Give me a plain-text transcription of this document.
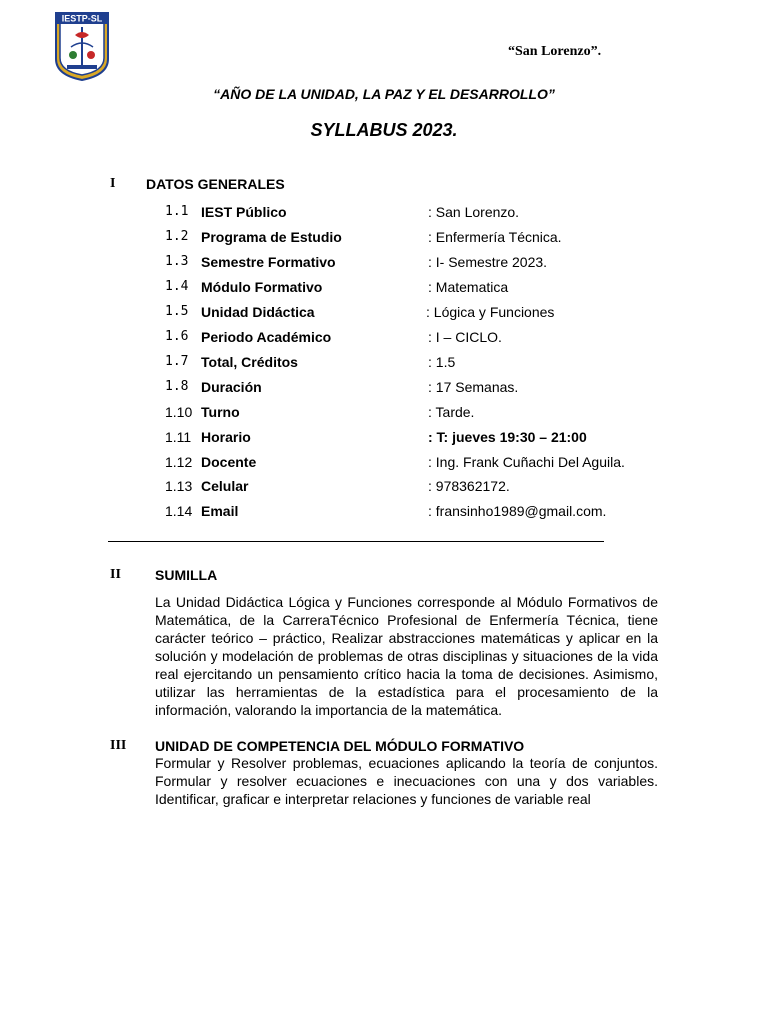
IESTP-SL
“San Lorenzo”.
“AÑO DE LA UNIDAD, LA PAZ Y EL DESARROLLO”
SYLLABUS 2023.
I DATOS GENERALES
1.1 IEST Público	: San Lorenzo.
1.2 Programa de Estudio	: Enfermería Técnica.
1.3 Semestre Formativo	: I- Semestre 2023.
1.4 Módulo Formativo	: Matematica
1.5 Unidad Didáctica	: Lógica y Funciones
1.6 Periodo Académico	: I – CICLO.
1.7 Total, Créditos	: 1.5
1.8 Duración	: 17 Semanas.
1.10 Turno	: Tarde.
1.11 Horario	: T: jueves 19:30 – 21:00
1.12 Docente	: Ing. Frank Cuñachi Del Aguila.
1.13 Celular	: 978362172.
1.14 Email	: fransinho1989@gmail.com.
II SUMILLA
La Unidad Didáctica Lógica y Funciones corresponde al Módulo Formativos de Matemática, de la CarreraTécnico Profesional de Enfermería Técnica, tiene carácter teórico – práctico, Realizar abstracciones matemáticas y aplicar en la solución y modelación de problemas de otras disciplinas y situaciones de la vida real ejercitando un pensamiento crítico hacia la toma de decisiones. Asimismo, utilizar las herramientas de la estadística para el procesamiento de la información, valorando la importancia de la matemática.
III UNIDAD DE COMPETENCIA DEL MÓDULO FORMATIVO
Formular y Resolver problemas, ecuaciones aplicando la teoría de conjuntos. Formular y resolver ecuaciones e inecuaciones con una y dos variables. Identificar, graficar e interpretar relaciones y funciones de variable real
